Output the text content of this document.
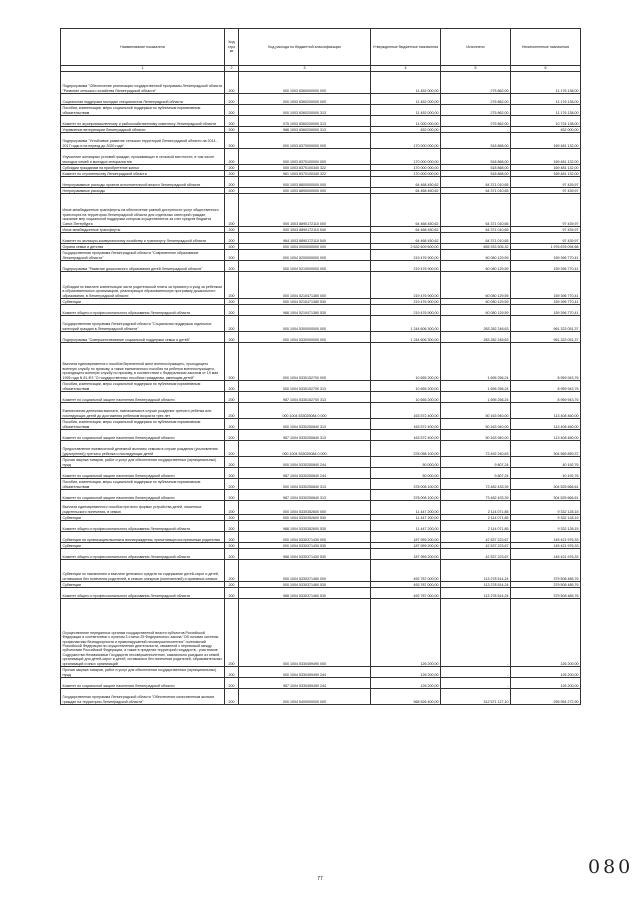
Наименование показателя	Код стро ки	Код расхода по бюджетной классификации	Утвержденные бюджетные назначения	Исполнено	Неисполненные назначения
1	2	3	4	5	6
Подпрограмма "Обеспечение реализации государственной программы Ленинградской области "Развитие сельского хозяйства Ленинградской области"	200	000 1003 8360000000 000	11 452 000,00	275 862,00	11 176 138,00
Социальная поддержка молодых специалистов Ленинградской области	200	000 1003 8360200000 000	11 452 000,00	275 862,00	11 176 138,00
Пособия, компенсации, меры социальной поддержки по публичным нормативным обязательствам	200	000 1003 8360200000 313	11 452 000,00	275 862,00	11 176 138,00
Комитет по агропромышленному и рыбохозяйственному комплексу Ленинградской области	200	075 1003 8360200000 313	11 000 000,00	275 862,00	10 724 138,00
Управление ветеринарии Ленинградской области	200	986 1003 8360200000 313	452 000,00	-	452 000,00
Подпрограмма "Устойчивое развитие сельских территорий Ленинградской области на 2014 - 2017 годы и на период до 2020 года"	200	000 1003 8370000000 000	170 000 000,00	518 868,00	169 481 132,00
Улучшение жилищных условий граждан, проживающих в сельской местности, в том числе молодых семей и молодых специалистов	200	000 1003 8370100000 000	170 000 000,00	518 868,00	169 481 132,00
Субсидии гражданам на приобретение жилья	200	000 1003 8370100340 322	170 000 000,00	518 868,00	169 481 132,00
Комитет по строительству Ленинградской области	200	981 1003 8370100340 322	170 000 000,00	518 868,00	169 481 132,00
Непрограммные расходы органов исполнительной власти Ленинградской области	200	000 1003 8800000000 000	64 468 450,62	64 371 010,65	97 439,97
Непрограммные расходы	200	000 1003 8890000000 000	64 468 450,62	64 371 010,65	97 439,97
Иные межбюджетные трансферты на обеспечение равной доступности услуг общественного транспорта на территории Ленинградской области для отдельных категорий граждан, оказание мер социальной поддержки которым осуществляется за счет средств бюджета Санкт-Петербурга	200	000 1003 8890172110 000	64 468 450,62	64 371 010,65	97 439,97
Иные межбюджетные трансферты	200	000 1003 8890172110 540	64 468 450,62	64 371 010,65	97 439,97
Комитет по жилищно-коммунальному хозяйству и транспорту Ленинградской области	200	984 1003 8890172110 540	64 468 450,62	64 371 010,65	97 439,97
Охрана семьи и детства	200	000 1004 0000000000 000	2 632 609 600,00	655 933 505,32	1 976 676 094,68
Государственная программа Ленинградской области "Современное образование Ленинградской области"	200	000 1004 5200000000 000	219 476 900,00	60 080 129,59	159 396 770,41
Подпрограмма "Развитие дошкольного образования детей Ленинградской области"	200	000 1004 5210000000 000	219 476 900,00	60 080 129,59	159 396 770,41
Субсидии по выплате компенсации части родительской платы за присмотр и уход за ребенком в образовательных организациях, реализующих образовательную программу дошкольного образования, в Ленинградской области	200	000 1004 5210471380 000	219 476 900,00	60 080 129,59	159 396 770,41
Субвенции	200	000 1004 5210471380 530	219 476 900,00	60 080 129,59	159 396 770,41
Комитет общего и профессионального образования Ленинградской области	200	988 1004 5210471380 530	219 476 900,00	60 080 129,59	159 396 770,41
Государственная программа Ленинградской области "Социальная поддержка отдельных категорий граждан в Ленинградской области"	200	000 1004 5300000000 000	1 244 606 300,00	283 282 248,63	961 323 051,37
Подпрограмма "Совершенствование социальной поддержки семьи и детей"	200	000 1004 5330000000 000	1 244 606 300,00	283 282 248,63	961 323 051,37
Выплата единовременного пособия беременной жене военнослужащего, проходящего военную службу по призыву, а также ежемесячного пособия на ребенка военнослужащего, проходящего военную службу по призыву, в соответствии с Федеральным законом от 19 мая 1995 года N 81-ФЗ "О государственных пособиях гражданам, имеющим детей"	200	000 1004 5330152700 000	10 655 200,00	1 695 256,24	8 959 943,76
Пособия, компенсации, меры социальной поддержки по публичным нормативным обязательствам	200	000 1004 5330152700 313	10 655 200,00	1 695 256,24	8 959 943,76
Комитет по социальной защите населения Ленинградской области	200	987 1004 5330152700 313	10 655 200,00	1 695 256,24	8 959 943,76
Ежемесячная денежная выплата, назначаемая в случае рождения третьего ребенка или последующих детей до достижения ребенком возраста трех лет	200	000 1004 533025084 0 000	163 572 400,00	50 163 940,00	113 408 460,00
Пособия, компенсации, меры социальной поддержки по публичным нормативным обязательствам	200	000 1004 5330250840 313	163 572 400,00	50 163 940,00	113 408 460,00
Комитет по социальной защите населения Ленинградской области	200	987 1004 5330250840 313	163 572 400,00	50 163 940,00	113 408 460,00
Предоставление ежемесячной денежной выплаты семьям в случае рождения (усыновления (удочерения)) третьего ребенка и последующих детей	200	000 1004 533025084 0 000	378 058 100,00	73 492 240,63	304 565 859,37
Прочая закупка товаров, работ и услуг для обеспечения государственных (муниципальных) нужд	200	000 1004 5330250840 244	50 000,00	9 807,24	40 192,76
Комитет по социальной защите населения Ленинградской области	200	987 1004 5330250840 244	50 000,00	9 807,24	40 192,76
Пособия, компенсации, меры социальной поддержки по публичным нормативным обязательствам	200	000 1004 5330250840 313	378 008 100,00	73 482 433,39	304 525 666,61
Комитет по социальной защите населения Ленинградской области	200	987 1004 5330250840 313	378 008 100,00	73 482 433,39	304 525 666,61
Выплата единовременного пособия при всех формах устройства детей, лишенных родительского попечения, в семью	200	000 1004 5330352600 000	11 447 200,00	2 114 071,85	9 332 128,15
Субвенции	200	000 1004 5330352600 530	11 447 200,00	2 114 071,85	9 332 128,15
Комитет общего и профессионального образования Ленинградской области	200	988 1004 5330352600 530	11 447 200,00	2 114 071,85	9 332 128,15
Субвенции на организацию выплаты вознаграждения, причитающегося приемным родителям	200	000 1004 5330371430 000	187 959 200,00	42 537 223,67	145 421 976,33
Субвенции	200	000 1004 5330371430 530	187 959 200,00	42 537 223,67	145 421 976,33
Комитет общего и профессионального образования Ленинградской области	200	988 1004 5330371430 530	187 959 200,00	42 537 223,67	145 421 976,33
Субвенции по назначению и выплате денежных средств на содержание детей-сирот и детей, оставшихся без попечения родителей, в семьях опекунов (попечителей) и приемных семьях	200	000 1004 5330371460 000	492 787 000,00	113 278 514,24	379 508 485,76
Субвенции	200	000 1004 5330371460 530	492 787 000,00	113 278 514,24	379 508 485,76
Комитет общего и профессионального образования Ленинградской области	200	988 1004 5330371460 530	492 787 000,00	113 278 514,24	379 508 485,76
Осуществление переданных органам государственной власти субъектов Российской Федерации в соответствии с пунктом 3 статьи 25 Федерального закона "Об основах системы профилактики безнадзорности и правонарушений несовершеннолетних" полномочий Российской Федерации по осуществлению деятельности, связанной с перевозкой между субъектами Российской Федерации, а также в пределах территорий государств - участников Содружества Независимых Государств несовершеннолетних, самовольно ушедших из семей, организаций для детей-сирот и детей, оставшихся без попечения родителей, образовательных организаций и иных организаций	200	000 1004 5330459490 000	126 200,00	-	126 200,00
Прочая закупка товаров, работ и услуг для обеспечения государственных (муниципальных) нужд	200	000 1004 5330459490 244	126 200,00	-	126 200,00
Комитет по социальной защите населения Ленинградской области	200	987 1004 5330459490 244	126 200,00	-	126 200,00
Государственная программа Ленинградской области "Обеспечение качественным жильем граждан на территории Ленинградской области"	200	000 1004 5400000000 000	568 526 400,00	312 571 127,10	255 954 272,90
77
080
